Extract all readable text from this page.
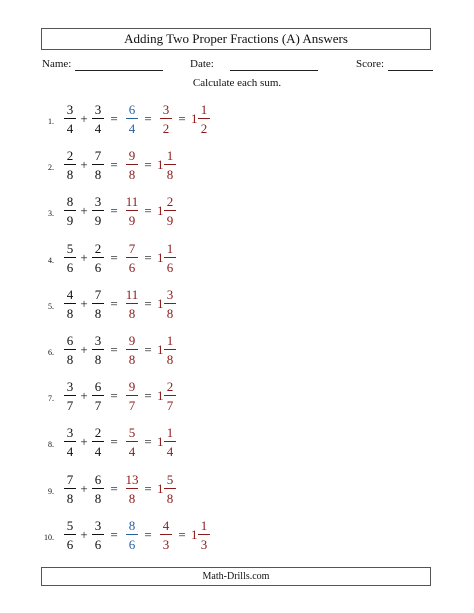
Adding Two Proper Fractions (A) Answers
Name:	Date:	Score:
Calculate each sum.
1.
3
4
+
3
4
=
6
4
=
3
2
= 1
1
2
2.
2
8
+
7
8
=
9
8
= 1
1
8
3.
8
9
+
3
9
=
11
9
= 1
2
9
4.
5
6
+
2
6
=
7
6
= 1
1
6
5.
4
8
+
7
8
=
11
8
= 1
3
8
6.
6
8
+
3
8
=
9
8
= 1
1
8
7.
3
7
+
6
7
=
9
7
= 1
2
7
8.
3
4
+
2
4
=
5
4
= 1
1
4
9.
7
8
+
6
8
=
13
8
= 1
5
8
10.
5
6
+
3
6
=
8
6
=
4
3
= 1
1
3
Math-Drills.com
